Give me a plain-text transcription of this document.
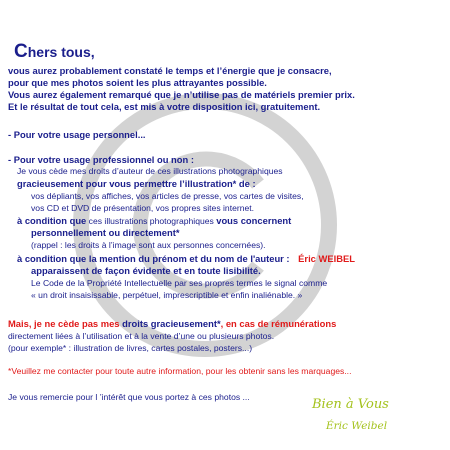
Chers tous,
vous aurez probablement constaté le temps et l’énergie que je consacre,
pour que mes photos soient les plus attrayantes possible.
Vous aurez également remarqué que je n’utilise pas de matériels premier prix.
Et le résultat de tout cela, est mis à votre disposition ici, gratuitement.
- Pour votre usage personnel...
- Pour votre usage professionnel ou non :
Je vous cède mes droits d’auteur de ces illustrations photographiques
gracieusement pour vous permettre l’illustration* de :
vos dépliants, vos affiches, vos articles de presse, vos cartes de visites,
vos CD et DVD de présentation, vos propres sites internet.
à condition que ces illustrations photographiques vous concernent
personnellement ou directement*
(rappel : les droits à l’image sont aux personnes concernées).
à condition que la mention du prénom et du nom de l'auteur : Éric WEIBEL
apparaissent de façon évidente et en toute lisibilité.
Le Code de la Propriété Intellectuelle par ses propres termes le signal comme
« un droit insaisissable, perpétuel, imprescriptible et enfin inaliénable. »
Mais, je ne cède pas mes droits gracieusement*, en cas de rémunérations
directement liées à l’utilisation et à la vente d’une ou plusieurs photos.
(pour exemple* : illustration de livres, cartes postales, posters...)
*Veuillez me contacter pour toute autre information, pour les obtenir sans les marquages...
Je vous remercie pour l ’intérêt que vous portez à ces photos ...	Bien à Vous
Éric Weibel
